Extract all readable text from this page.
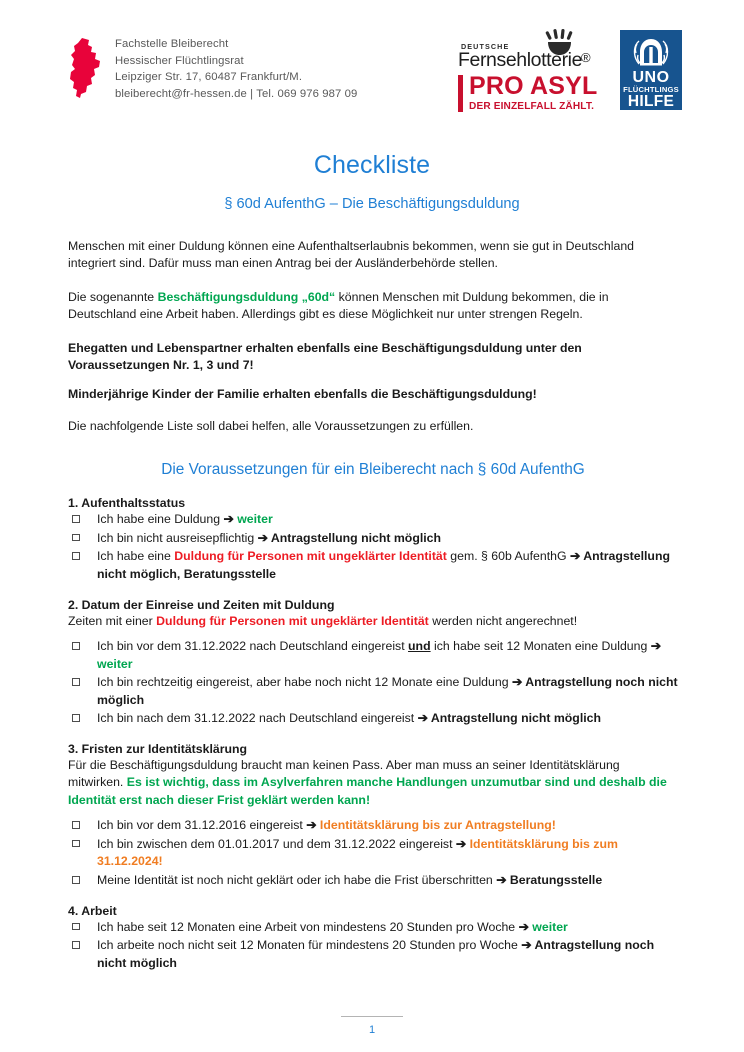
Fachstelle Bleiberecht
Hessischer Flüchtlingsrat
Leipziger Str. 17, 60487 Frankfurt/M.
bleiberecht@fr-hessen.de | Tel. 069 976 987 09
DEUTSCHE
Fernsehlotterie
®
PRO ASYL
DER EINZELFALL ZÄHLT.
UNO
FLÜCHTLINGS
HILFE
Checkliste
§ 60d AufenthG – Die Beschäftigungsduldung

Menschen mit einer Duldung können eine Aufenthaltserlaubnis bekommen, wenn sie gut in Deutschland integriert sind. Dafür muss man einen Antrag bei der Ausländerbehörde stellen.

Die sogenannte Beschäftigungsduldung „60d“ können Menschen mit Duldung bekommen, die in Deutschland eine Arbeit haben. Allerdings gibt es diese Möglichkeit nur unter strengen Regeln.

Ehegatten und Lebenspartner erhalten ebenfalls eine Beschäftigungsduldung unter den Voraussetzungen Nr. 1, 3 und 7!

Minderjährige Kinder der Familie erhalten ebenfalls die Beschäftigungsduldung!

Die nachfolgende Liste soll dabei helfen, alle Voraussetzungen zu erfüllen.

Die Voraussetzungen für ein Bleiberecht nach § 60d AufenthG
1. Aufenthaltsstatus
Ich habe eine Duldung ➔ weiter
Ich bin nicht ausreisepflichtig ➔ Antragstellung nicht möglich
Ich habe eine Duldung für Personen mit ungeklärter Identität gem. § 60b AufenthG ➔ Antragstellung nicht möglich, Beratungsstelle
2. Datum der Einreise und Zeiten mit Duldung

Zeiten mit einer Duldung für Personen mit ungeklärter Identität werden nicht angerechnet!

Ich bin vor dem 31.12.2022 nach Deutschland eingereist und ich habe seit 12 Monaten eine Duldung ➔ weiter
Ich bin rechtzeitig eingereist, aber habe noch nicht 12 Monate eine Duldung ➔ Antragstellung noch nicht möglich
Ich bin nach dem 31.12.2022 nach Deutschland eingereist ➔ Antragstellung nicht möglich
3. Fristen zur Identitätsklärung

Für die Beschäftigungsduldung braucht man keinen Pass. Aber man muss an seiner Identitätsklärung mitwirken. Es ist wichtig, dass im Asylverfahren manche Handlungen unzumutbar sind und deshalb die Identität erst nach dieser Frist geklärt werden kann!

Ich bin vor dem 31.12.2016 eingereist ➔ Identitätsklärung bis zur Antragstellung!
Ich bin zwischen dem 01.01.2017 und dem 31.12.2022 eingereist ➔ Identitätsklärung bis zum 31.12.2024!
Meine Identität ist noch nicht geklärt oder ich habe die Frist überschritten ➔ Beratungsstelle
4. Arbeit
Ich habe seit 12 Monaten eine Arbeit von mindestens 20 Stunden pro Woche ➔ weiter
Ich arbeite noch nicht seit 12 Monaten für mindestens 20 Stunden pro Woche ➔ Antragstellung noch nicht möglich
1
